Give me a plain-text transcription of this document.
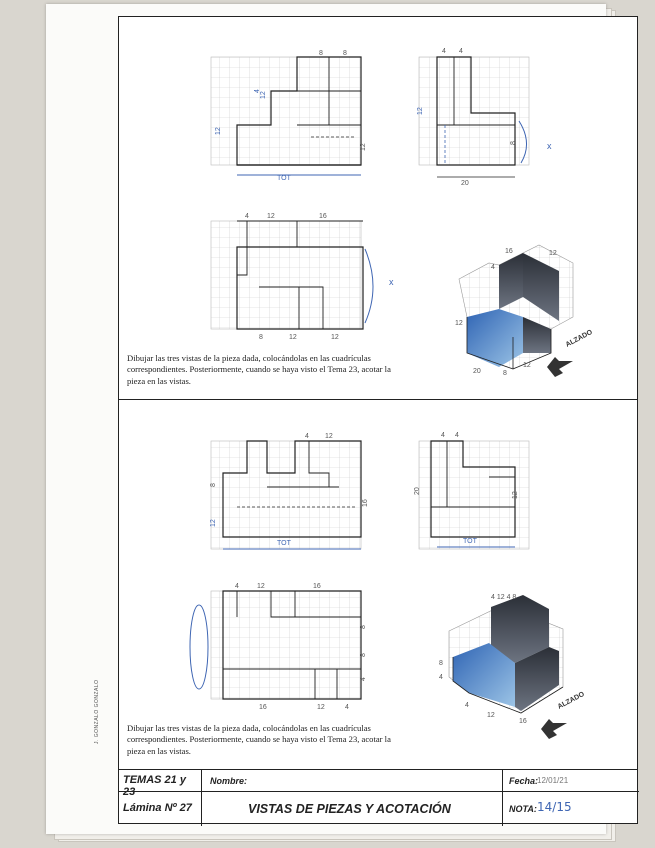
8	8
12
12
12
4
TOT
4 4
8
12
20
x
4	12	16
8	12	12
x
16	12
4
12
20	8
12
ALZADO
4 12
16
8
12
TOT
4 4
20
12
TOT
4	12	16
8
8
4
16	12	4
4 12 4 8
8
4
4
12
16
ALZADO
Dibujar las tres vistas de la pieza dada, colocándolas en las cuadrículas correspondientes. Posteriormente, cuando se haya visto el Tema 23, acotar la pieza en las vistas.
Dibujar las tres vistas de la pieza dada, colocándolas en las cuadrículas correspondientes. Posteriormente, cuando se haya visto el Tema 23, acotar la pieza en las vistas.
TEMAS 21 y 23
Nombre:	Fecha:
12/01/21
Lámina Nº 27	VISTAS DE PIEZAS Y ACOTACIÓN	NOTA: 14/15
J. GONZALO GONZALO
